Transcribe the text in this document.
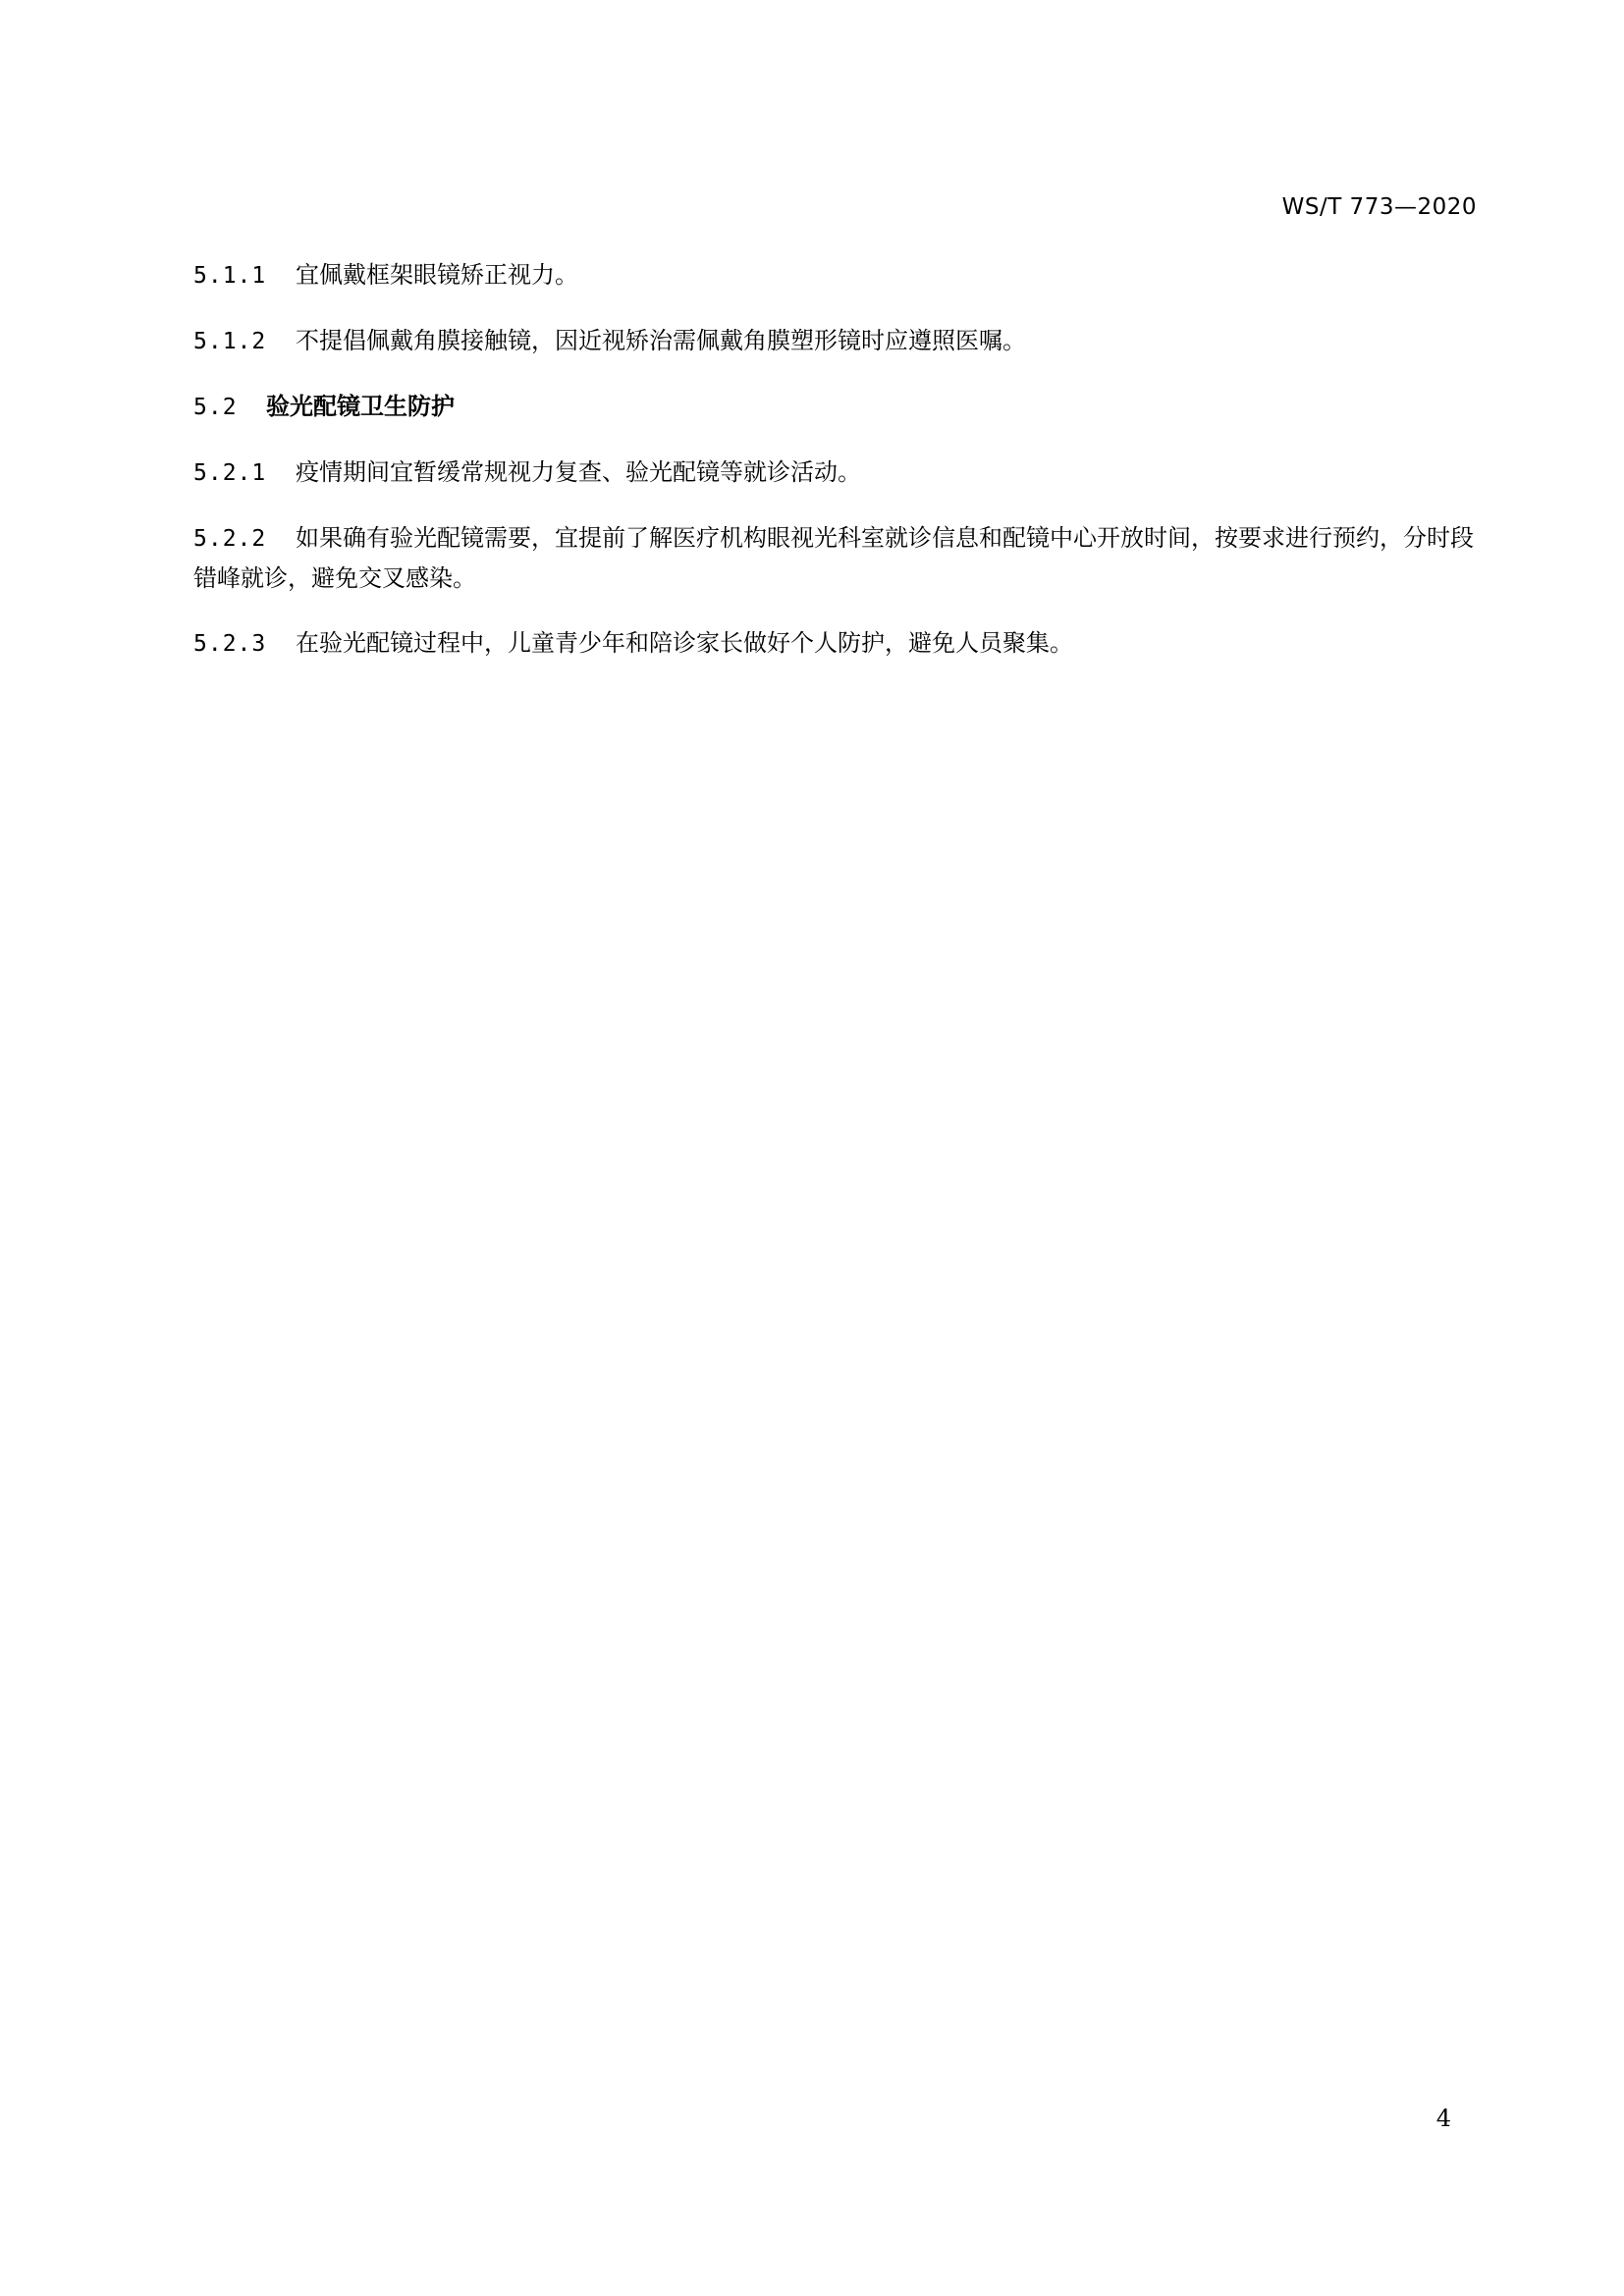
WS/T 773—2020

5.1.1 宜佩戴框架眼镜矫正视力。

5.1.2 不提倡佩戴角膜接触镜，因近视矫治需佩戴角膜塑形镜时应遵照医嘱。

5.2 验光配镜卫生防护

5.2.1 疫情期间宜暂缓常规视力复查、验光配镜等就诊活动。

5.2.2 如果确有验光配镜需要，宜提前了解医疗机构眼视光科室就诊信息和配镜中心开放时间，按要求进行预约，分时段错峰就诊，避免交叉感染。

5.2.3 在验光配镜过程中，儿童青少年和陪诊家长做好个人防护，避免人员聚集。

4
